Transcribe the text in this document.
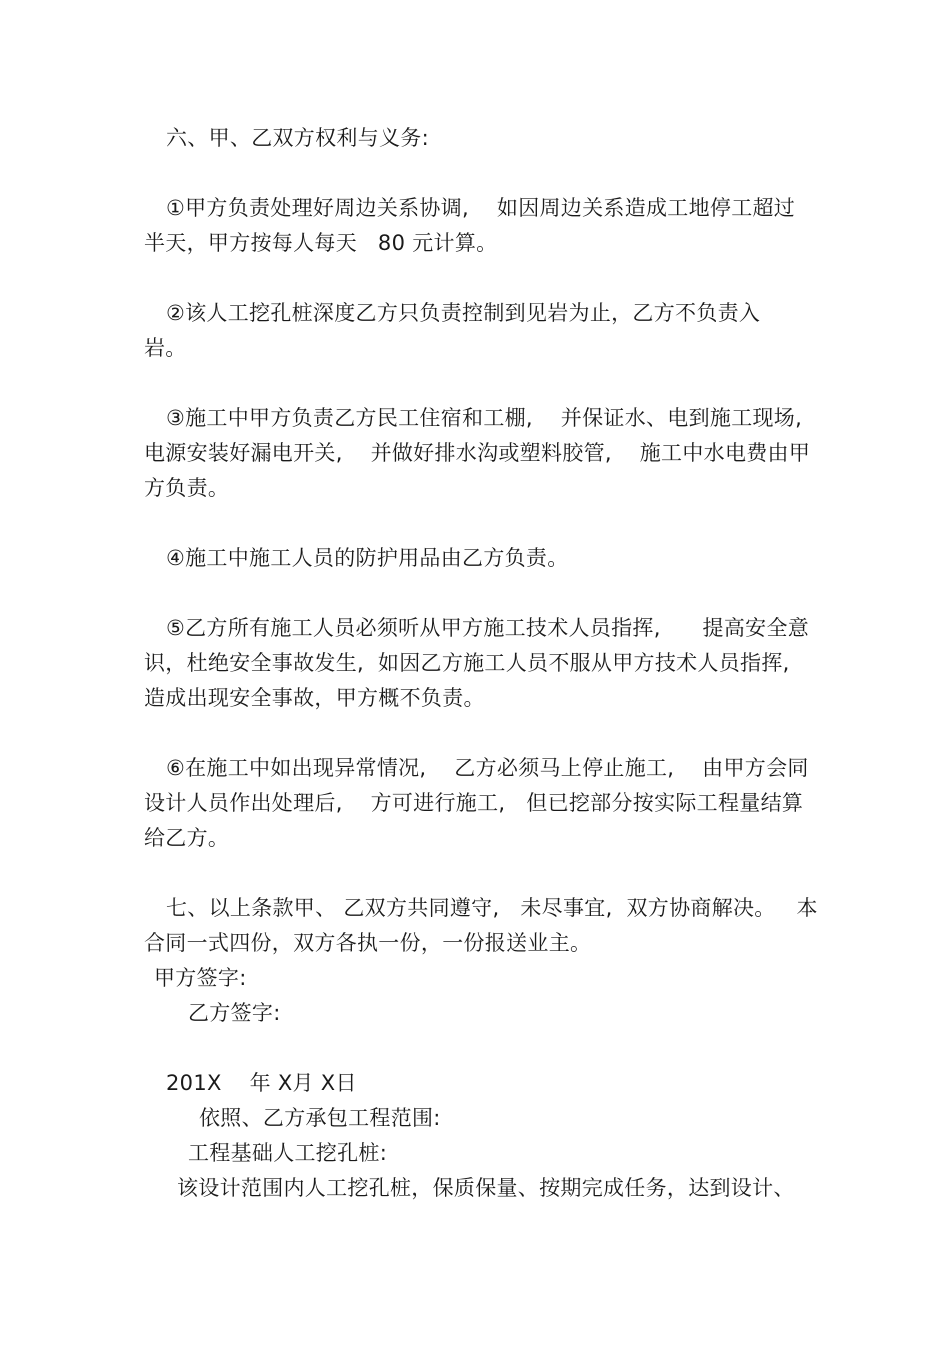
六、甲、乙双方权利与义务:
①甲方负责处理好周边关系协调,    如因周边关系造成工地停工超过
半天，甲方按每人每天   80 元计算。
②该人工挖孔桩深度乙方只负责控制到见岩为止，乙方不负责入
岩。
③施工中甲方负责乙方民工住宿和工棚,    并保证水、电到施工现场,
电源安装好漏电开关,    并做好排水沟或塑料胶管,    施工中水电费由甲
方负责。
④施工中施工人员的防护用品由乙方负责。
⑤乙方所有施工人员必须听从甲方施工技术人员指挥,      提高安全意
识，杜绝安全事故发生,  如因乙方施工人员不服从甲方技术人员指挥,
造成出现安全事故，甲方概不负责。
⑥在施工中如出现异常情况,    乙方必须马上停止施工,    由甲方会同
设计人员作出处理后,    方可进行施工,   但已挖部分按实际工程量结算
给乙方。
七、以上条款甲、 乙双方共同遵守,   未尽事宜,  双方协商解决。   本
合同一式四份，双方各执一份，一份报送业主。
甲方签字:
乙方签字:
201X    年 X月 X日
依照、乙方承包工程范围:
工程基础人工挖孔桩:
该设计范围内人工挖孔桩，保质保量、按期完成任务，达到设计、
